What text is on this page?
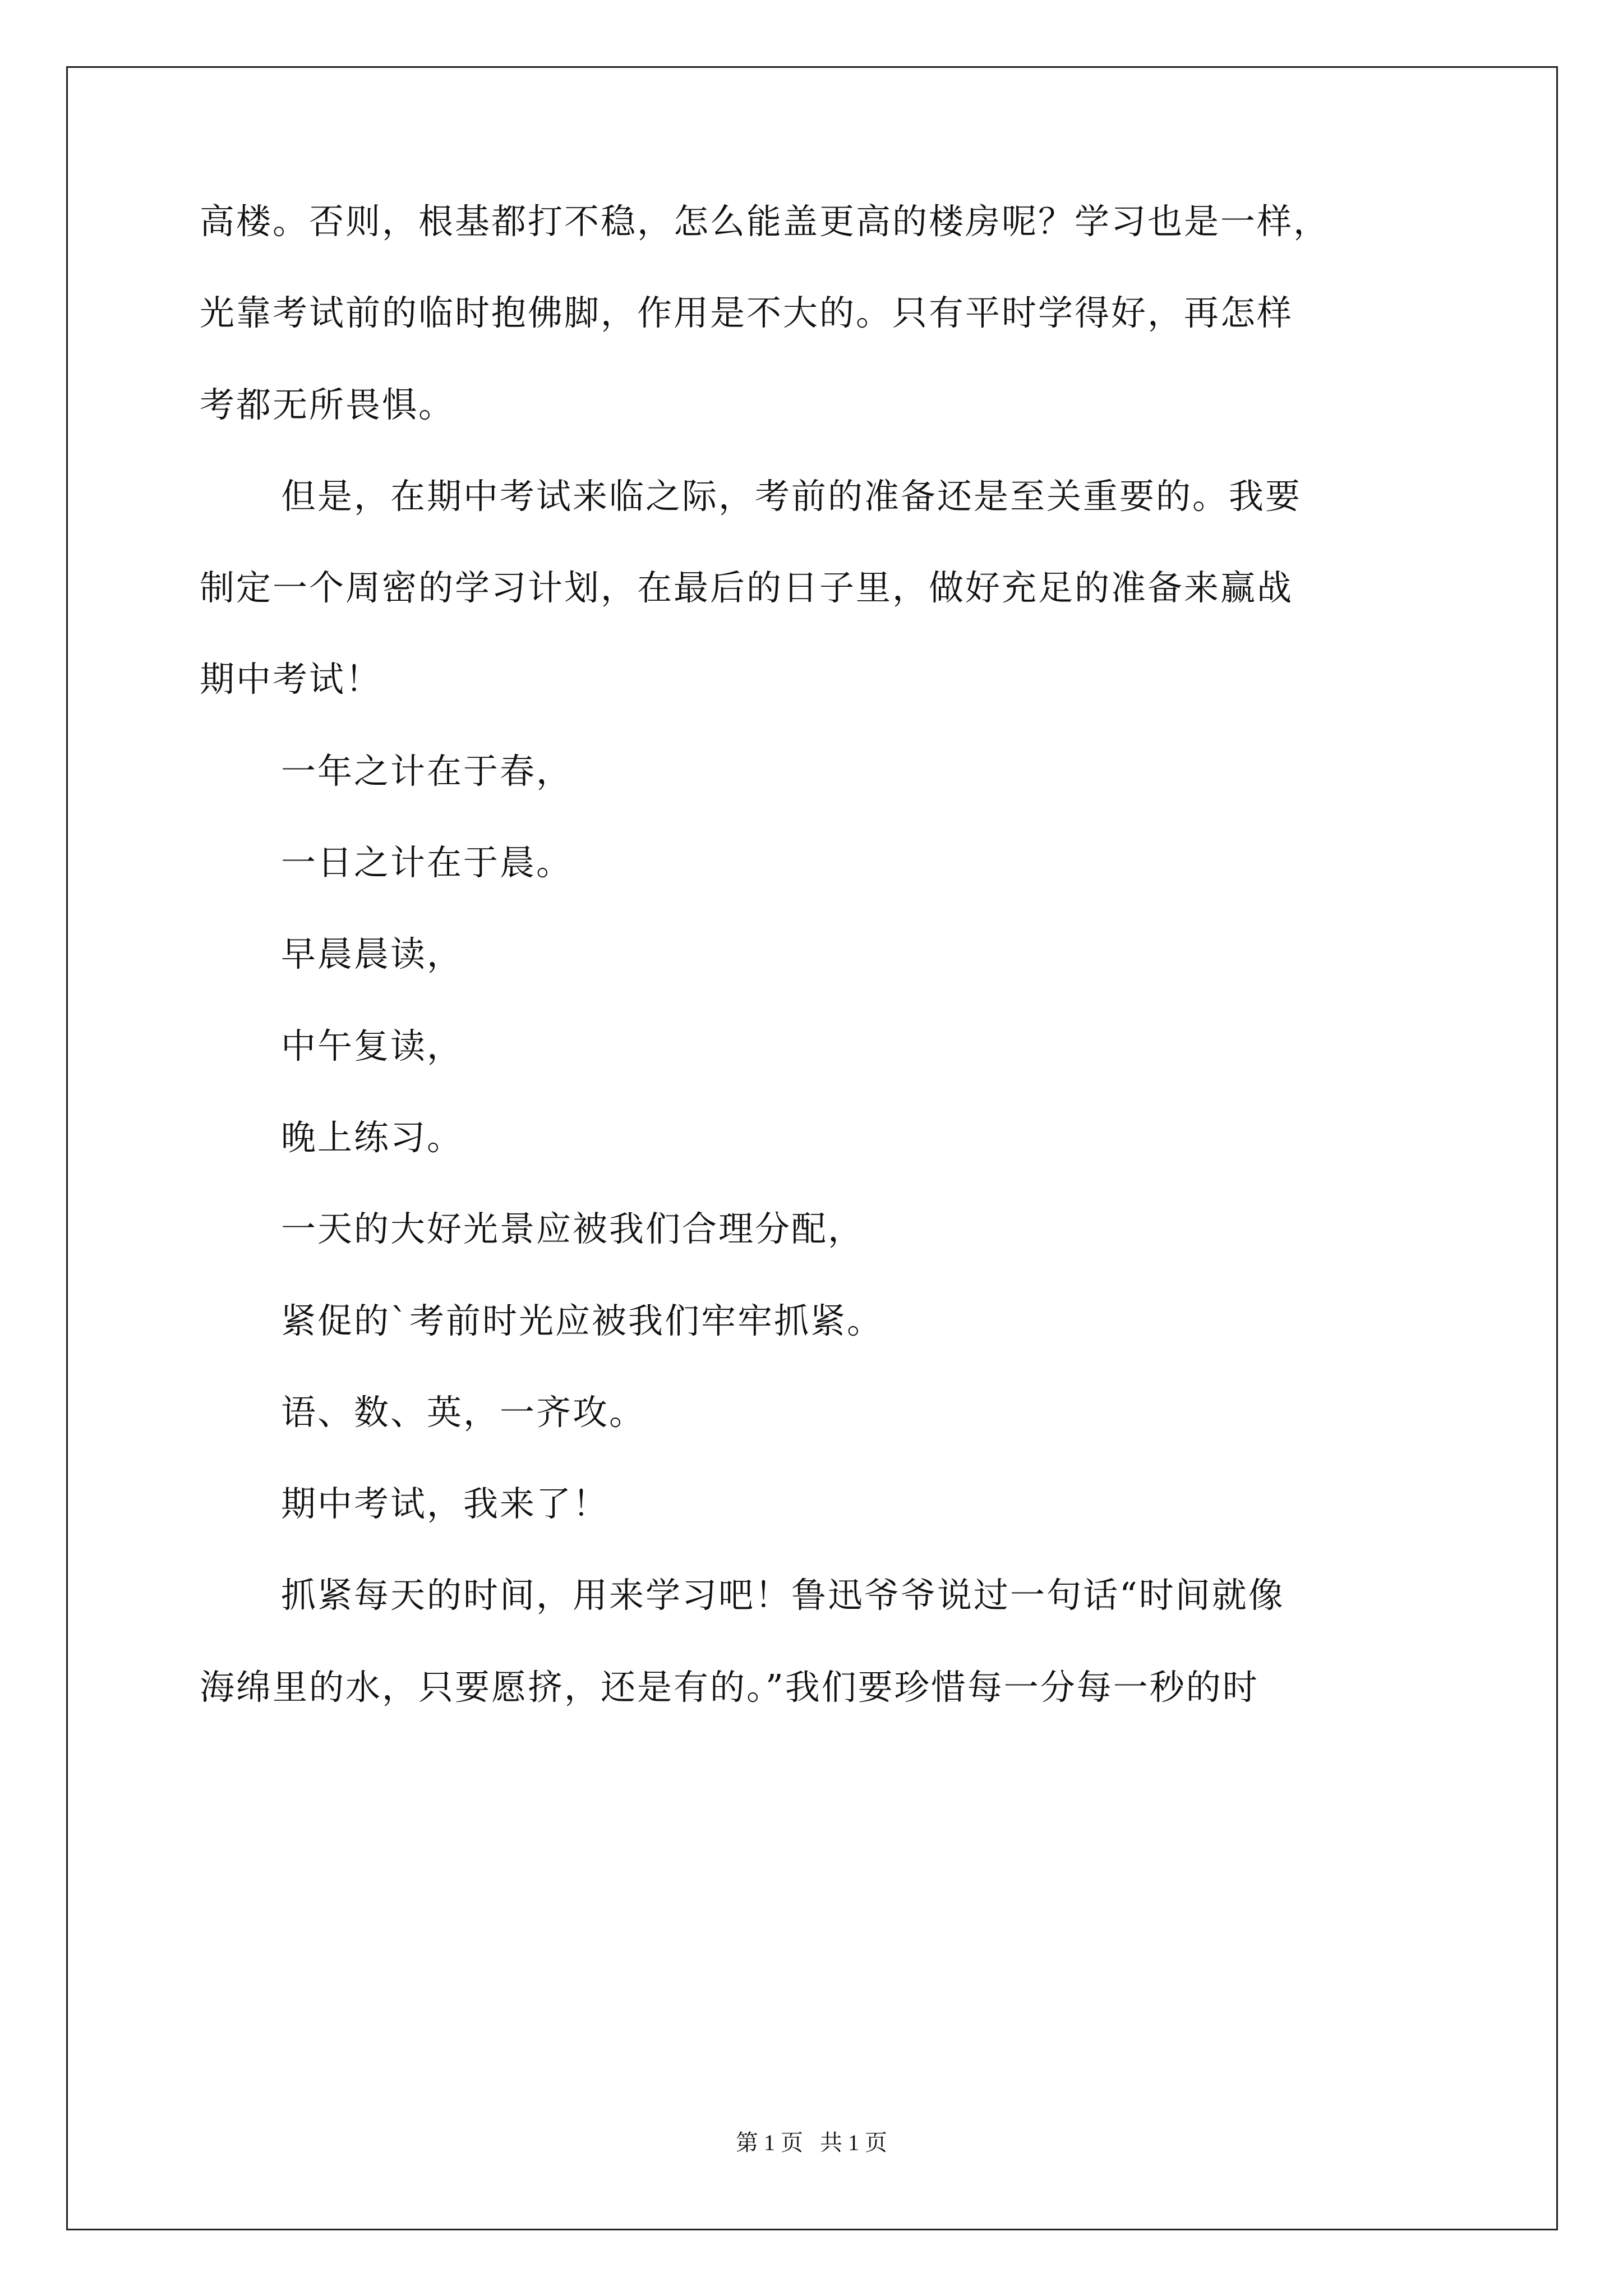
高楼。否则，根基都打不稳，怎么能盖更高的楼房呢？学习也是一样，
光靠考试前的临时抱佛脚，作用是不大的。只有平时学得好，再怎样
考都无所畏惧。
但是，在期中考试来临之际，考前的准备还是至关重要的。我要
制定一个周密的学习计划，在最后的日子里，做好充足的准备来赢战
期中考试！
一年之计在于春，
一日之计在于晨。
早晨晨读，
中午复读，
晚上练习。
一天的大好光景应被我们合理分配，
紧促的`考前时光应被我们牢牢抓紧。
语、数、英，一齐攻。
期中考试，我来了！
抓紧每天的时间，用来学习吧！鲁迅爷爷说过一句话“时间就像
海绵里的水，只要愿挤，还是有的。”我们要珍惜每一分每一秒的时
第 1 页   共 1 页
